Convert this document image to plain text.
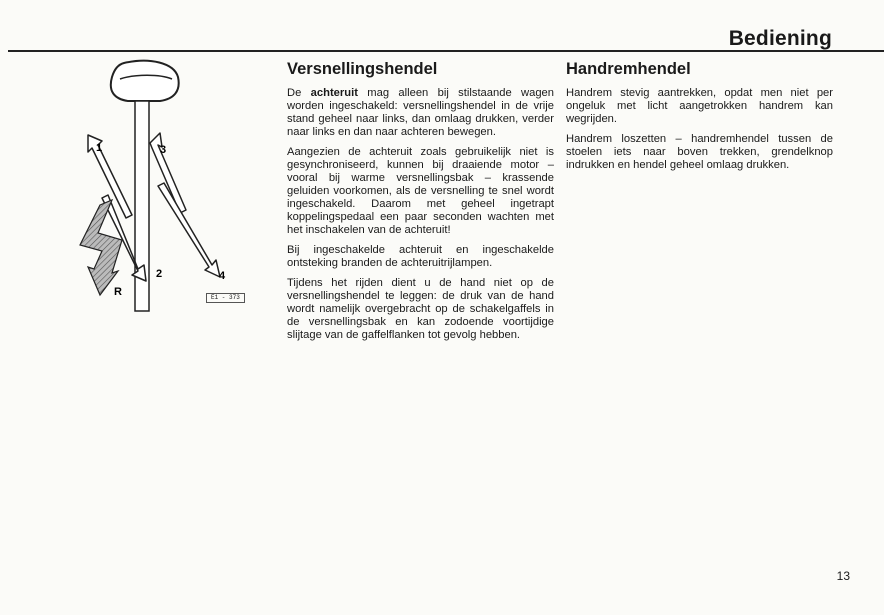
Bediening
1	3
2	4
R	E1 - 373
Versnellingshendel

De achteruit mag alleen bij stilstaande wagen worden ingeschakeld: versnellingshendel in de vrije stand geheel naar links, dan omlaag drukken, verder naar links en dan naar achteren bewegen.

Aangezien de achteruit zoals gebruikelijk niet is gesynchroniseerd, kunnen bij draaiende motor – vooral bij warme versnellingsbak – krassende geluiden voorkomen, als de versnelling te snel wordt ingeschakeld. Daarom met geheel ingetrapt koppelingspedaal een paar seconden wachten met het inschakelen van de achteruit!

Bij ingeschakelde achteruit en ingeschakelde ontsteking branden de achteruitrijlampen.

Tijdens het rijden dient u de hand niet op de versnellingshendel te leggen: de druk van de hand wordt namelijk overgebracht op de schakelgaffels in de versnellingsbak en kan zodoende voortijdige slijtage van de gaffelflanken tot gevolg hebben.

Handremhendel

Handrem stevig aantrekken, opdat men niet per ongeluk met licht aangetrokken handrem kan wegrijden.

Handrem loszetten – handremhendel tussen de stoelen iets naar boven trekken, grendelknop indrukken en hendel geheel omlaag drukken.

13
